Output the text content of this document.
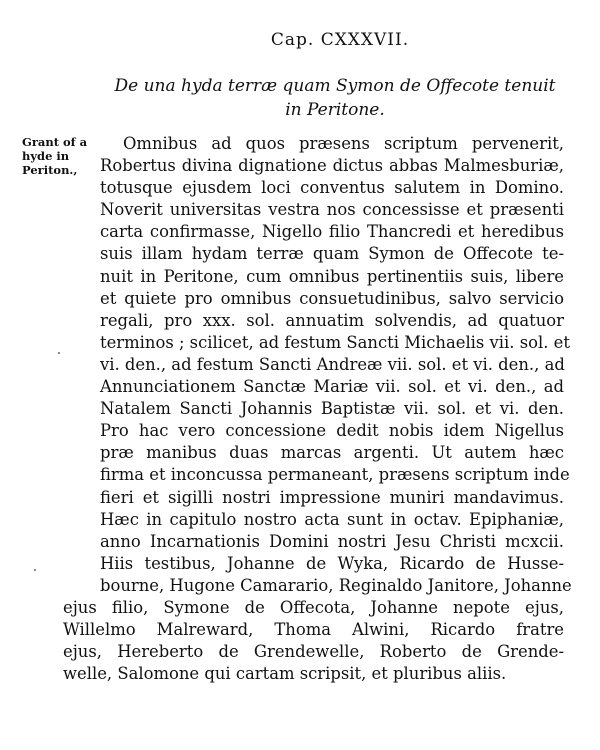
Cap. CXXXVII.
De una hyda terræ quam Symon de Offecote tenuit
in Peritone.
Grant of a
hyde in
Periton.,
Omnibus ad quos præsens scriptum pervenerit,
Robertus divina dignatione dictus abbas Malmesburiæ,
totusque ejusdem loci conventus salutem in Domino.
Noverit universitas vestra nos concessisse et præsenti
carta confirmasse, Nigello filio Thancredi et heredibus
suis illam hydam terræ quam Symon de Offecote te-
nuit in Peritone, cum omnibus pertinentiis suis, libere
et quiete pro omnibus consuetudinibus, salvo servicio
regali, pro xxx. sol. annuatim solvendis, ad quatuor
terminos ; scilicet, ad festum Sancti Michaelis vii. sol. et
vi. den., ad festum Sancti Andreæ vii. sol. et vi. den., ad
Annunciationem Sanctæ Mariæ vii. sol. et vi. den., ad
Natalem Sancti Johannis Baptistæ vii. sol. et vi. den.
Pro hac vero concessione dedit nobis idem Nigellus
præ manibus duas marcas argenti. Ut autem hæc
firma et inconcussa permaneant, præsens scriptum inde
fieri et sigilli nostri impressione muniri mandavimus.
Hæc in capitulo nostro acta sunt in octav. Epiphaniæ,
anno Incarnationis Domini nostri Jesu Christi mcxcii.
Hiis testibus, Johanne de Wyka, Ricardo de Husse-
bourne, Hugone Camarario, Reginaldo Janitore, Johanne
ejus filio, Symone de Offecota, Johanne nepote ejus,
Willelmo Malreward, Thoma Alwini, Ricardo fratre
ejus, Hereberto de Grendewelle, Roberto de Grende-
welle, Salomone qui cartam scripsit, et pluribus aliis.
